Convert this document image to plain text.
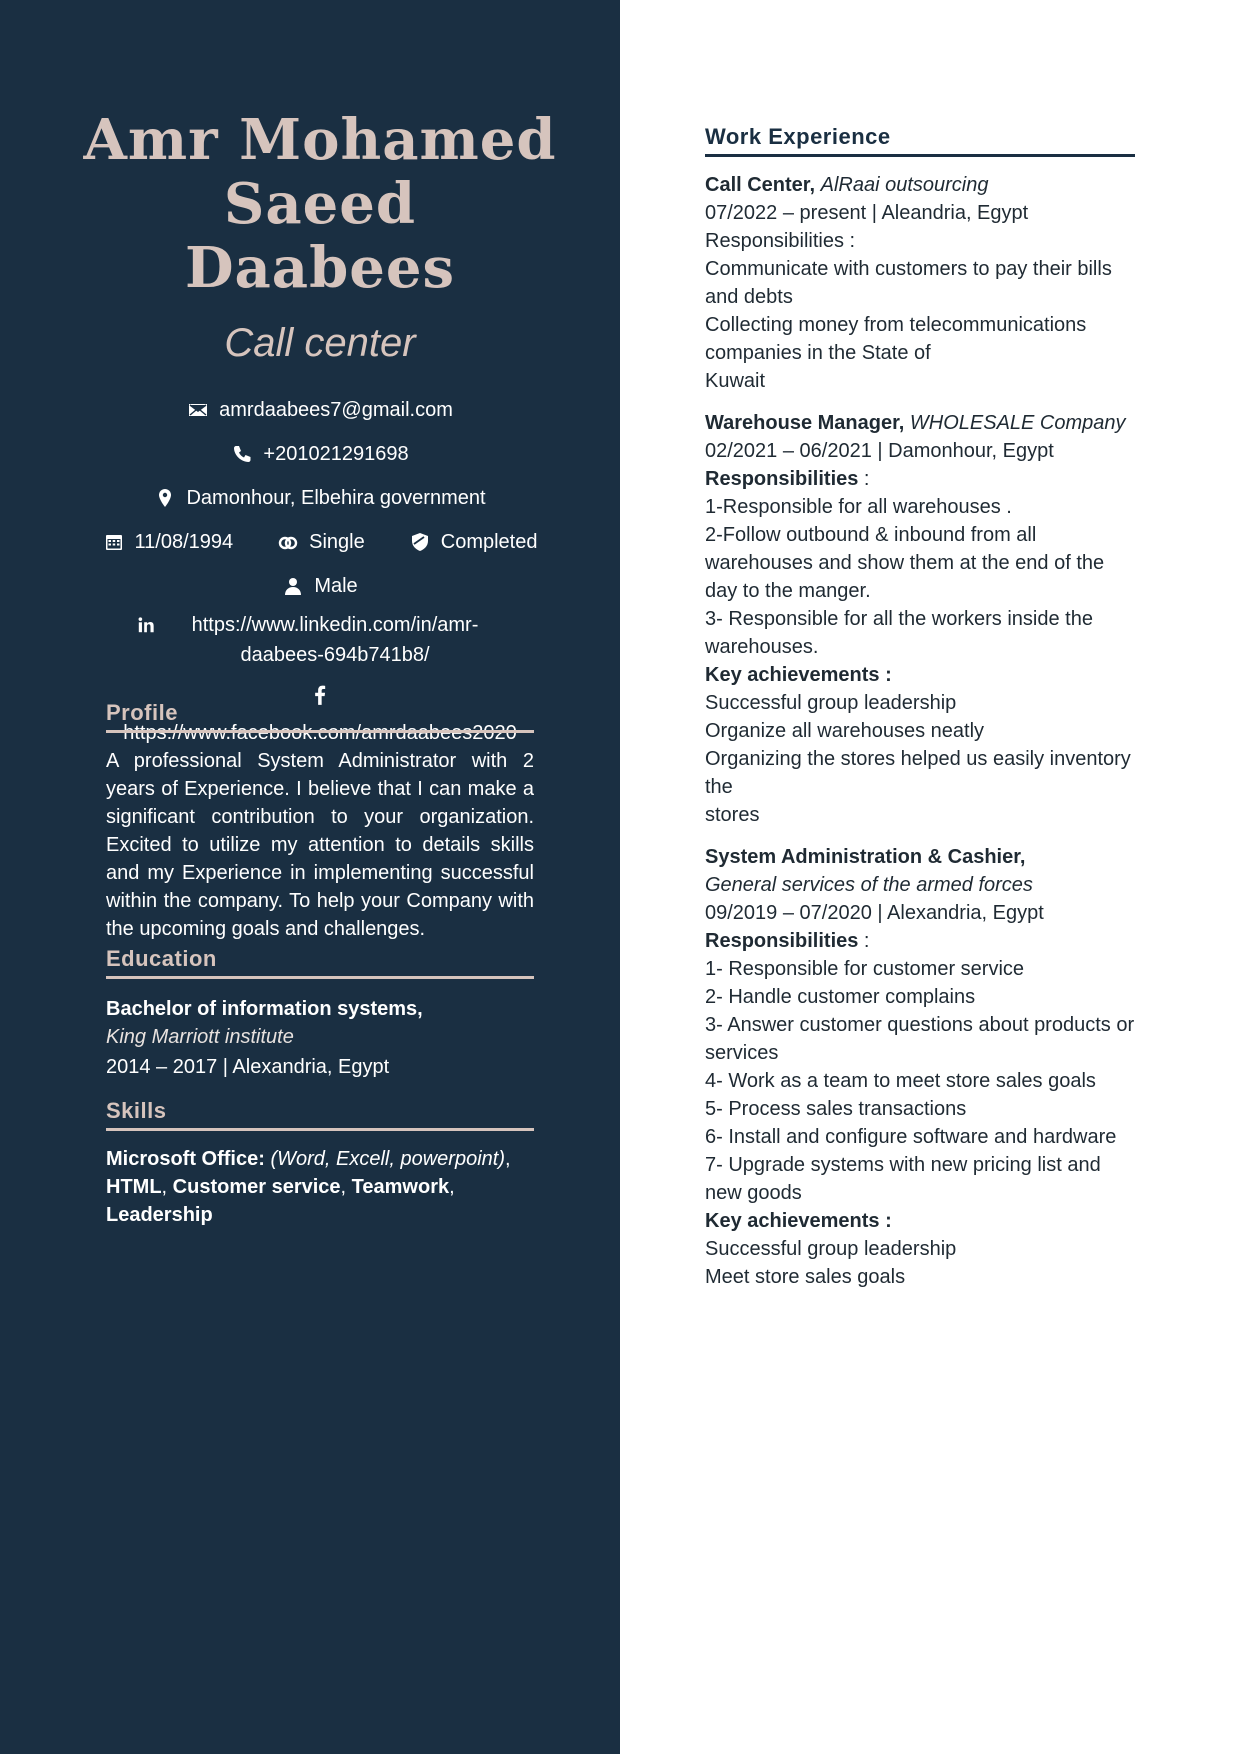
Amr Mohamed
Saeed
Daabees
Call center
amrdaabees7@gmail.com
+201021291698
Damonhour, Elbehira government
11/08/1994	Single	Completed
Male
https://www.linkedin.com/in/amr-
daabees-694b741b8/
https://www.facebook.com/amrdaabees2020
Profile
A professional System Administrator with 2 years of Experience. I believe that I can make a significant contribution to your organization. Excited to utilize my attention to details skills and my Experience in implementing successful within the company. To help your Company with the upcoming goals and challenges.
Education
Bachelor of information systems,
King Marriott institute
2014 – 2017 | Alexandria, Egypt
Skills
Microsoft Office: (Word, Excell, powerpoint), HTML, Customer service, Teamwork, Leadership
Work Experience
Call Center, AlRaai outsourcing
07/2022 – present | Aleandria, Egypt
Responsibilities :
Communicate with customers to pay their bills and debts
Collecting money from telecommunications companies in the State of
Kuwait
Warehouse Manager, WHOLESALE Company
02/2021 – 06/2021 | Damonhour, Egypt
Responsibilities :
1-Responsible for all warehouses .
2-Follow outbound & inbound from all warehouses and show them at the end of the day to the manger.
3- Responsible for all the workers inside the warehouses.
Key achievements :
Successful group leadership
Organize all warehouses neatly
Organizing the stores helped us easily inventory the
stores
System Administration & Cashier,
General services of the armed forces
09/2019 – 07/2020 | Alexandria, Egypt
Responsibilities :
1- Responsible for customer service
2- Handle customer complains
3- Answer customer questions about products or services
4- Work as a team to meet store sales goals
5- Process sales transactions
6- Install and configure software and hardware
7- Upgrade systems with new pricing list and new goods
Key achievements :
Successful group leadership
Meet store sales goals
